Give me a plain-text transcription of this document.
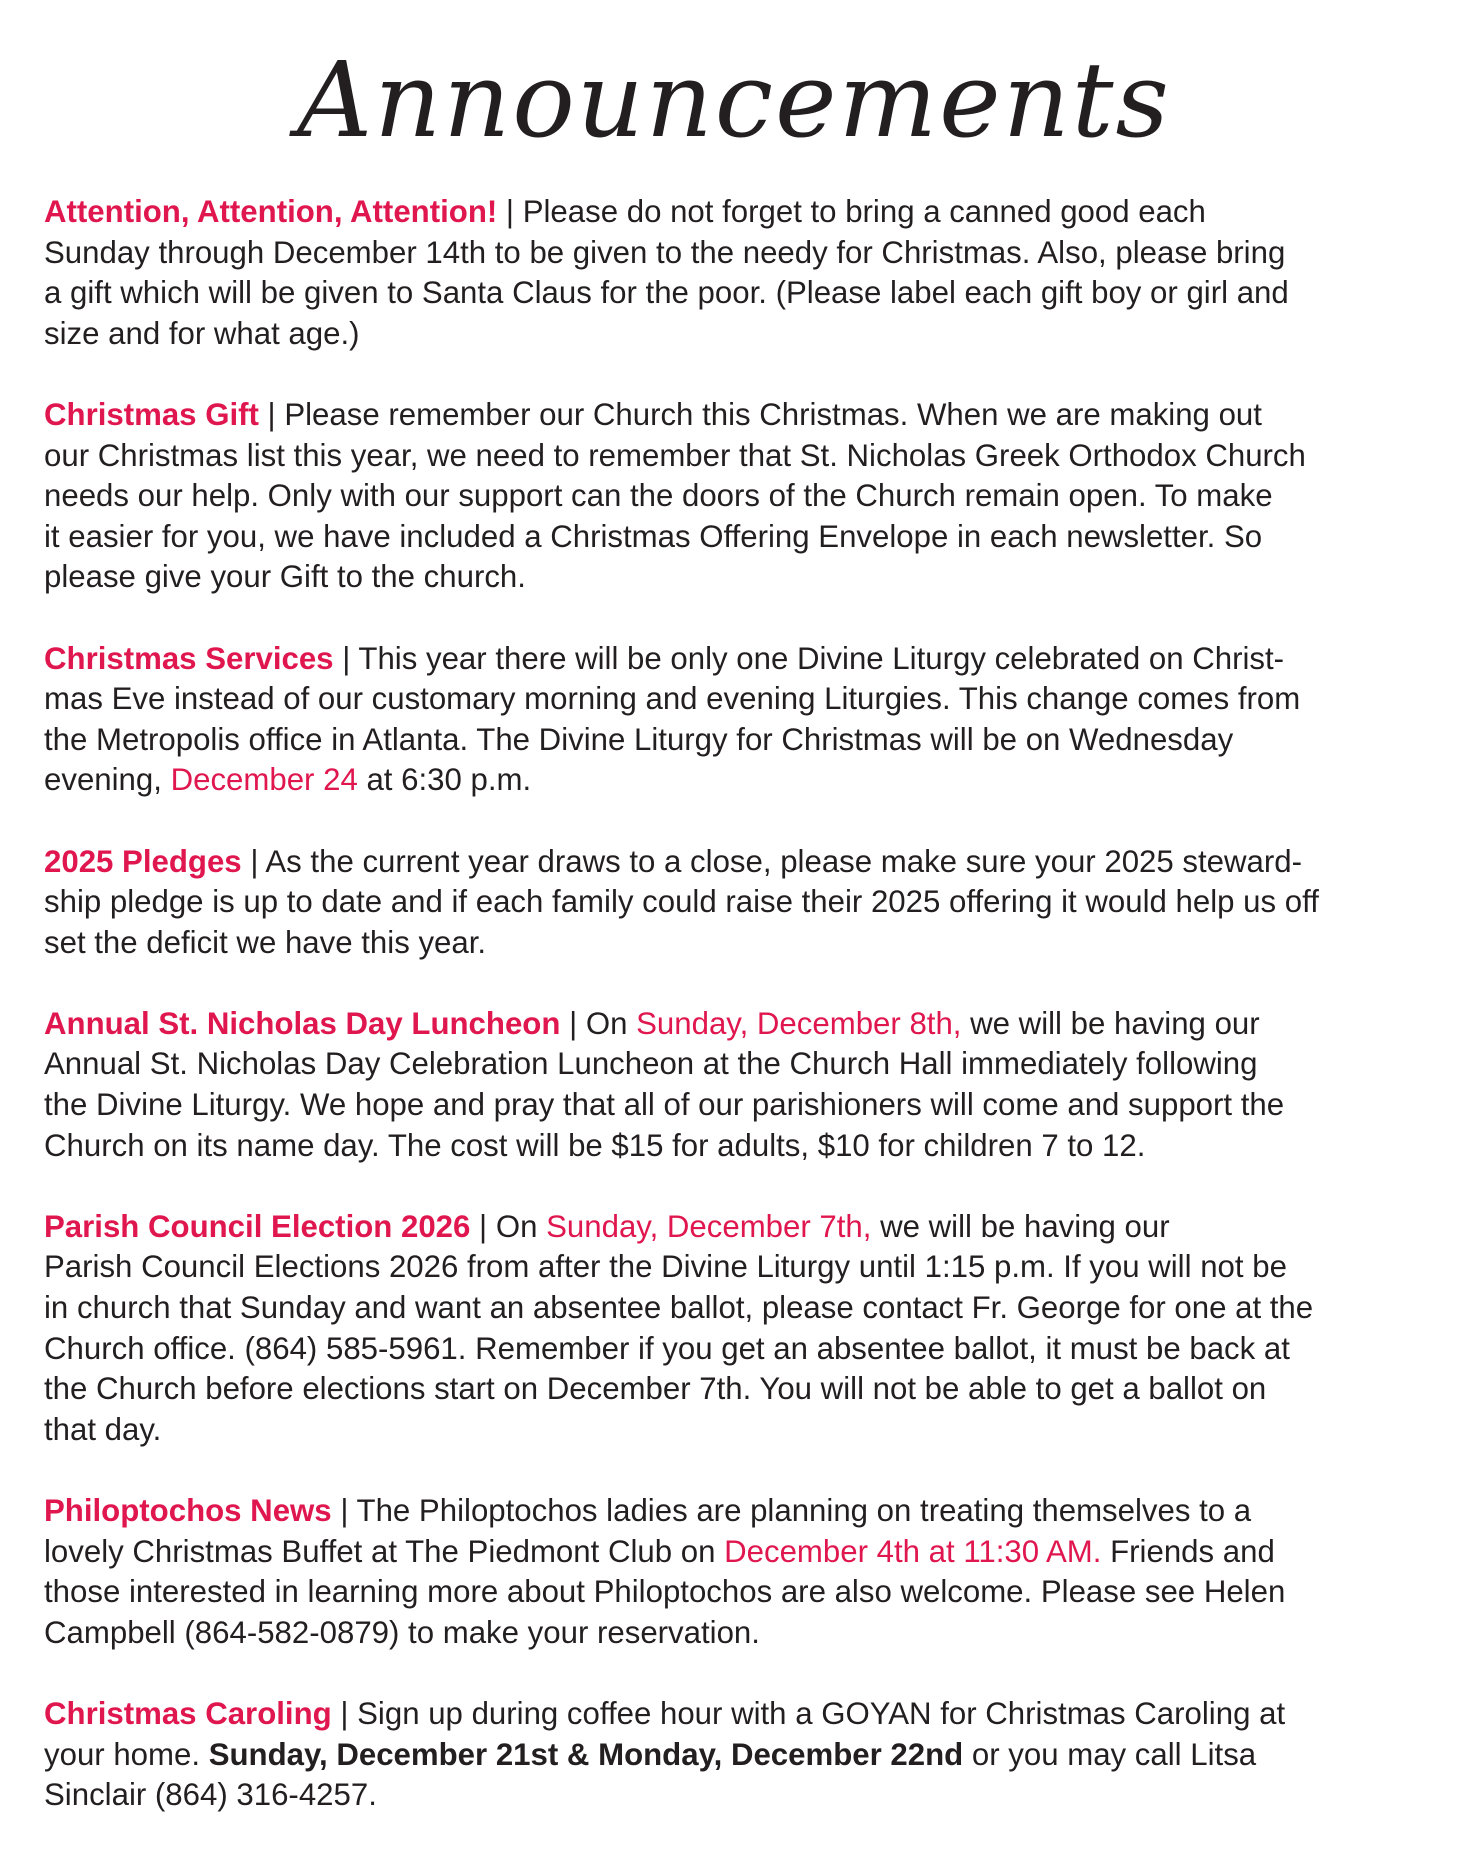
Announcements
Attention, Attention, Attention! | Please do not forget to bring a canned good each
Sunday through December 14th to be given to the needy for Christmas. Also, please bring
a gift which will be given to Santa Claus for the poor. (Please label each gift boy or girl and
size and for what age.)
Christmas Gift | Please remember our Church this Christmas. When we are making out
our Christmas list this year, we need to remember that St. Nicholas Greek Orthodox Church
needs our help. Only with our support can the doors of the Church remain open. To make
it easier for you, we have included a Christmas Offering Envelope in each newsletter. So
please give your Gift to the church.
Christmas Services | This year there will be only one Divine Liturgy celebrated on Christ-
mas Eve instead of our customary morning and evening Liturgies. This change comes from
the Metropolis office in Atlanta. The Divine Liturgy for Christmas will be on Wednesday
evening, December 24 at 6:30 p.m.
2025 Pledges | As the current year draws to a close, please make sure your 2025 steward-
ship pledge is up to date and if each family could raise their 2025 offering it would help us off
set the deficit we have this year.
Annual St. Nicholas Day Luncheon | On Sunday, December 8th, we will be having our
Annual St. Nicholas Day Celebration Luncheon at the Church Hall immediately following
the Divine Liturgy. We hope and pray that all of our parishioners will come and support the
Church on its name day. The cost will be $15 for adults, $10 for children 7 to 12.
Parish Council Election 2026 | On Sunday, December 7th, we will be having our
Parish Council Elections 2026 from after the Divine Liturgy until 1:15 p.m. If you will not be
in church that Sunday and want an absentee ballot, please contact Fr. George for one at the
Church office. (864) 585-5961. Remember if you get an absentee ballot, it must be back at
the Church before elections start on December 7th. You will not be able to get a ballot on
that day.
Philoptochos News | The Philoptochos ladies are planning on treating themselves to a
lovely Christmas Buffet at The Piedmont Club on December 4th at 11:30 AM. Friends and
those interested in learning more about Philoptochos are also welcome. Please see Helen
Campbell (864-582-0879) to make your reservation.
Christmas Caroling | Sign up during coffee hour with a GOYAN for Christmas Caroling at
your home. Sunday, December 21st & Monday, December 22nd or you may call Litsa
Sinclair (864) 316-4257.
